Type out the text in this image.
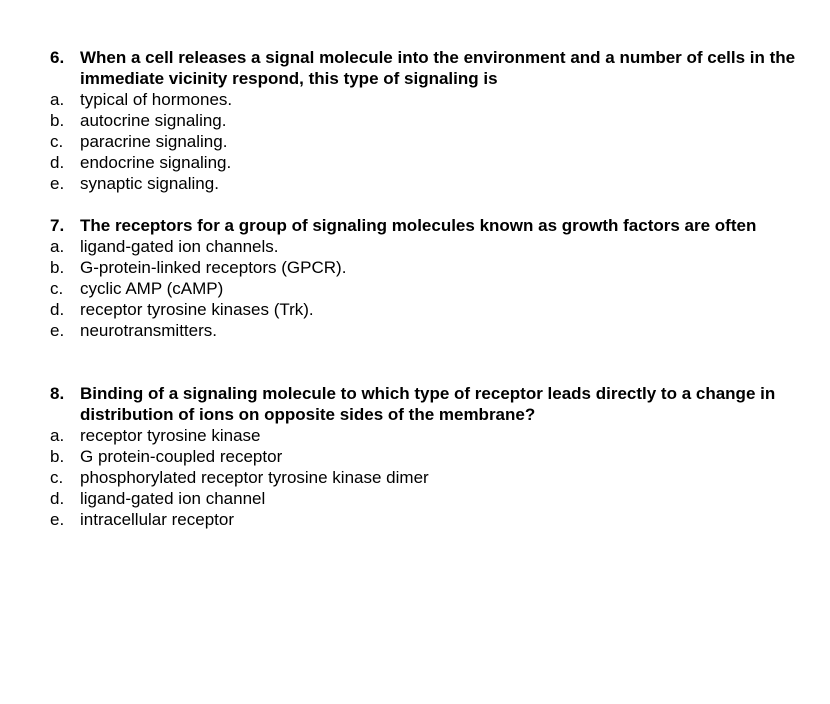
6. When a cell releases a signal molecule into the environment and a number of cells in the immediate vicinity respond, this type of signaling is
a. typical of hormones.
b. autocrine signaling.
c. paracrine signaling.
d. endocrine signaling.
e. synaptic signaling.
7. The receptors for a group of signaling molecules known as growth factors are often
a. ligand-gated ion channels.
b. G-protein-linked receptors (GPCR).
c. cyclic AMP (cAMP)
d. receptor tyrosine kinases (Trk).
e. neurotransmitters.
8. Binding of a signaling molecule to which type of receptor leads directly to a change in distribution of ions on opposite sides of the membrane?
a. receptor tyrosine kinase
b. G protein-coupled receptor
c. phosphorylated receptor tyrosine kinase dimer
d. ligand-gated ion channel
e. intracellular receptor
